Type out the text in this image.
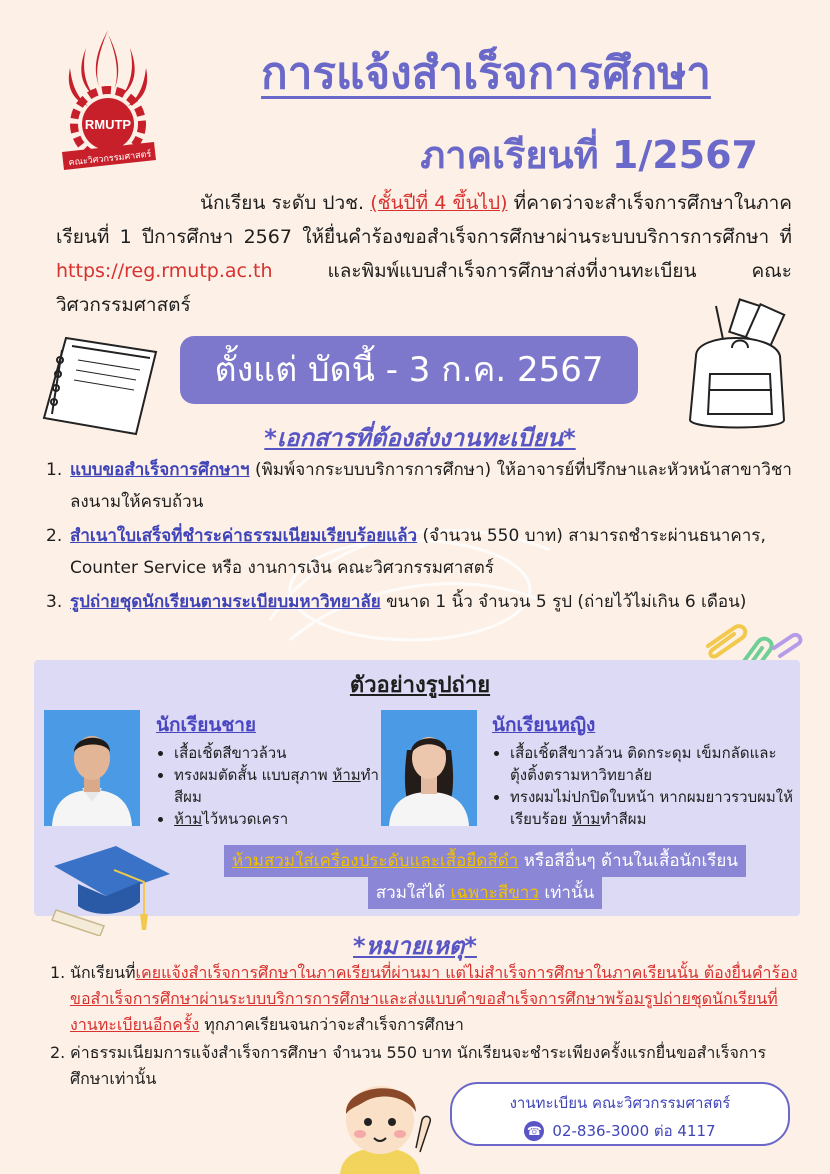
RMUTP
คณะวิศวกรรมศาสตร์
การแจ้งสำเร็จการศึกษา
ภาคเรียนที่ 1/2567
นักเรียน ระดับ ปวช. (ชั้นปีที่ 4 ขึ้นไป) ที่คาดว่าจะสำเร็จการศึกษาในภาคเรียนที่ 1 ปีการศึกษา 2567 ให้ยื่นคำร้องขอสำเร็จการศึกษาผ่านระบบบริการการศึกษา ที่ https://reg.rmutp.ac.th และพิมพ์แบบสำเร็จการศึกษาส่งที่งานทะเบียน คณะวิศวกรรมศาสตร์
ตั้งแต่ บัดนี้ - 3 ก.ค. 2567
*เอกสารที่ต้องส่งงานทะเบียน*
1. แบบขอสำเร็จการศึกษาฯ (พิมพ์จากระบบบริการการศึกษา) ให้อาจารย์ที่ปรึกษาและหัวหน้าสาขาวิชา ลงนามให้ครบถ้วน
2. สำเนาใบเสร็จที่ชำระค่าธรรมเนียมเรียบร้อยแล้ว (จำนวน 550 บาท) สามารถชำระผ่านธนาคาร, Counter Service หรือ งานการเงิน คณะวิศวกรรมศาสตร์
3. รูปถ่ายชุดนักเรียนตามระเบียบมหาวิทยาลัย ขนาด 1 นิ้ว จำนวน 5 รูป (ถ่ายไว้ไม่เกิน 6 เดือน)
ตัวอย่างรูปถ่าย
นักเรียนชาย
• เสื้อเชิ้ตสีขาวล้วน
• ทรงผมตัดสั้น แบบสุภาพ ห้ามทำสีผม
• ห้ามไว้หนวดเครา
นักเรียนหญิง
• เสื้อเชิ้ตสีขาวล้วน ติดกระดุม เข็มกลัดและตุ้งติ้งตรามหาวิทยาลัย
• ทรงผมไม่ปกปิดใบหน้า หากผมยาวรวบผมให้เรียบร้อย ห้ามทำสีผม
ห้ามสวมใส่เครื่องประดับและเสื้อยืดสีดำ หรือสีอื่นๆ ด้านในเสื้อนักเรียน
สวมใส่ได้ เฉพาะสีขาว เท่านั้น
*หมายเหตุ*
1. นักเรียนที่เคยแจ้งสำเร็จการศึกษาในภาคเรียนที่ผ่านมา แต่ไม่สำเร็จการศึกษาในภาคเรียนนั้น ต้องยื่นคำร้องขอสำเร็จการศึกษาผ่านระบบบริการการศึกษาและส่งแบบคำขอสำเร็จการศึกษาพร้อมรูปถ่ายชุดนักเรียนที่งานทะเบียนอีกครั้ง ทุกภาคเรียนจนกว่าจะสำเร็จการศึกษา
2. ค่าธรรมเนียมการแจ้งสำเร็จการศึกษา จำนวน 550 บาท นักเรียนจะชำระเพียงครั้งแรกยื่นขอสำเร็จการศึกษาเท่านั้น
งานทะเบียน คณะวิศวกรรมศาสตร์
☎ 02-836-3000 ต่อ 4117
